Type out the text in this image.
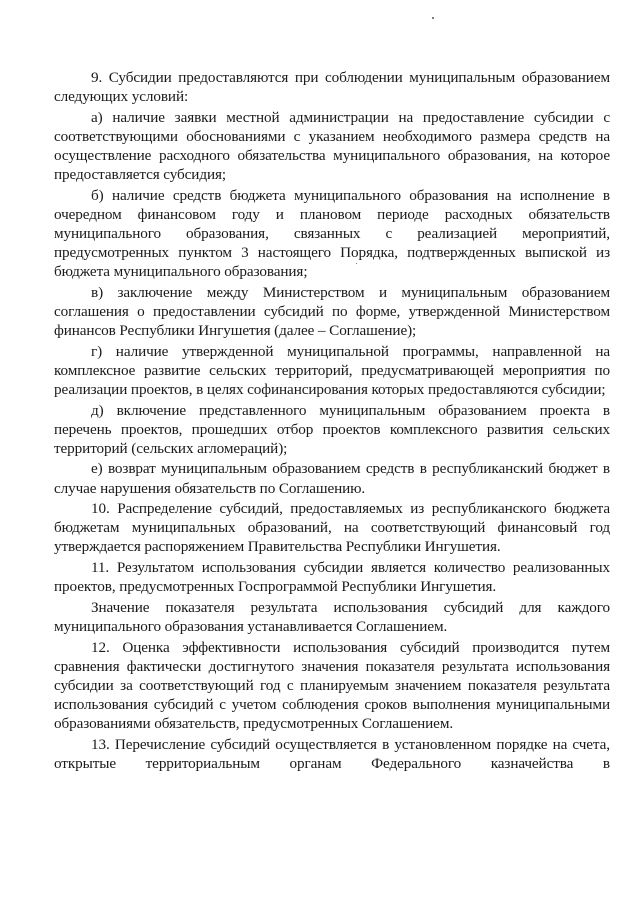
9. Субсидии предоставляются при соблюдении муниципальным образованием следующих условий:

а) наличие заявки местной администрации на предоставление субсидии с соответствующими обоснованиями с указанием необходимого размера средств на осуществление расходного обязательства муниципального образования, на которое предоставляется субсидия;

б) наличие средств бюджета муниципального образования на исполнение в очередном финансовом году и плановом периоде расходных обязательств муниципального образования, связанных с реализацией мероприятий, предусмотренных пунктом 3 настоящего Порядка, подтвержденных выпиской из бюджета муниципального образования;

в) заключение между Министерством и муниципальным образованием соглашения о предоставлении субсидий по форме, утвержденной Министерством финансов Республики Ингушетия (далее – Соглашение);

г) наличие утвержденной муниципальной программы, направленной на комплексное развитие сельских территорий, предусматривающей мероприятия по реализации проектов, в целях софинансирования которых предоставляются субсидии;

д) включение представленного муниципальным образованием проекта в перечень проектов, прошедших отбор проектов комплексного развития сельских территорий (сельских агломераций);

е) возврат муниципальным образованием средств в республиканский бюджет в случае нарушения обязательств по Соглашению.

10. Распределение субсидий, предоставляемых из республиканского бюджета бюджетам муниципальных образований, на соответствующий финансовый год утверждается распоряжением Правительства Республики Ингушетия.

11. Результатом использования субсидии является количество реализованных проектов, предусмотренных Госпрограммой Республики Ингушетия.

Значение показателя результата использования субсидий для каждого муниципального образования устанавливается Соглашением.

12. Оценка эффективности использования субсидий производится путем сравнения фактически достигнутого значения показателя результата использования субсидии за соответствующий год с планируемым значением показателя результата использования субсидий с учетом соблюдения сроков выполнения муниципальными образованиями обязательств, предусмотренных Соглашением.

13. Перечисление субсидий осуществляется в установленном порядке на счета, открытые территориальным органам Федерального казначейства в
